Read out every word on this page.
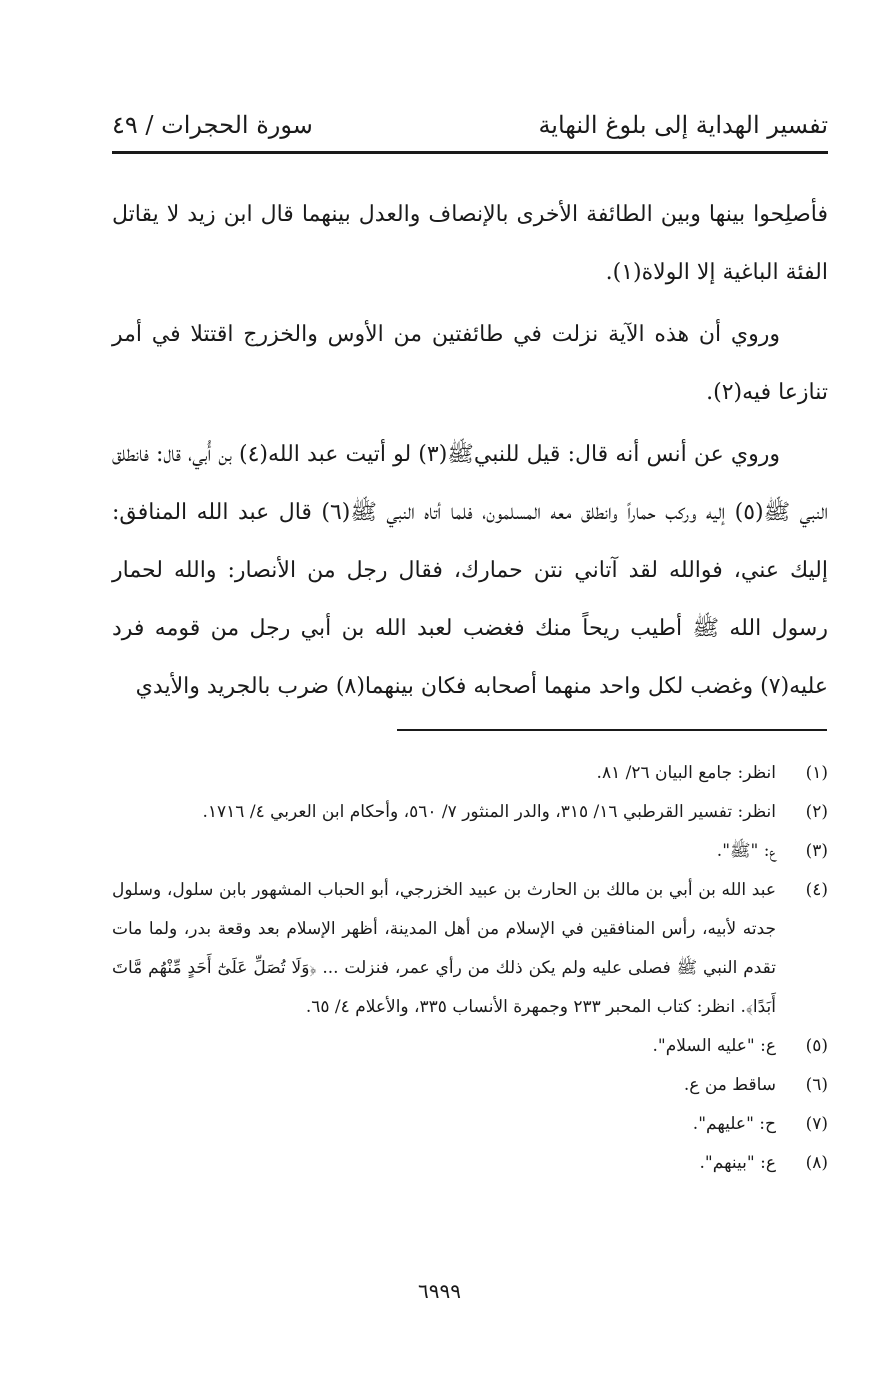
تفسير الهداية إلى بلوغ النهاية
سورة الحجرات / ٤٩

فأصلِحوا بينها وبين الطائفة الأخرى بالإنصاف والعدل بينهما قال ابن زيد لا يقاتل الفئة الباغية إلا الولاة(١).

وروي أن هذه الآية نزلت في طائفتين من الأوس والخزرج اقتتلا في أمر تنازعا فيه(٢).

وروي عن أنس أنه قال: قيل للنبيﷺ(٣) لو أتيت عبد الله(٤) بن أُبي، قال: فانطلق النبي ﷺ(٥) إليه وركب حماراً وانطلق معه المسلمون، فلما أتاه النبي ﷺ(٦) قال عبد الله المنافق: إليك عني، فوالله لقد آتاني نتن حمارك، فقال رجل من الأنصار: والله لحمار رسول الله ﷺ أطيب ريحاً منك فغضب لعبد الله بن أبي رجل من قومه فرد عليه(٧) وغضب لكل واحد منهما أصحابه فكان بينهما(٨) ضرب بالجريد والأيدي

(١)
انظر: جامع البيان ٢٦/ ٨١.
(٢)
انظر: تفسير القرطبي ١٦/ ٣١٥، والدر المنثور ٧/ ٥٦٠، وأحكام ابن العربي ٤/ ١٧١٦.
(٣)
ع: "ﷺ".
(٤)
عبد الله بن أبي بن مالك بن الحارث بن عبيد الخزرجي، أبو الحباب المشهور بابن سلول، وسلول جدته لأبيه، رأس المنافقين في الإسلام من أهل المدينة، أظهر الإسلام بعد وقعة بدر، ولما مات تقدم النبي ﷺ فصلى عليه ولم يكن ذلك من رأي عمر، فنزلت ... ﴿وَلَا تُصَلِّ عَلَىٰٓ أَحَدٍ مِّنْهُم مَّاتَ أَبَدًا﴾. انظر: كتاب المحبر ٢٣٣ وجمهرة الأنساب ٣٣٥، والأعلام ٤/ ٦٥.
(٥)
ع: "عليه السلام".
(٦)
ساقط من ع.
(٧)
ح: "عليهم".
(٨)
ع: "بينهم".
٦٩٩٩
